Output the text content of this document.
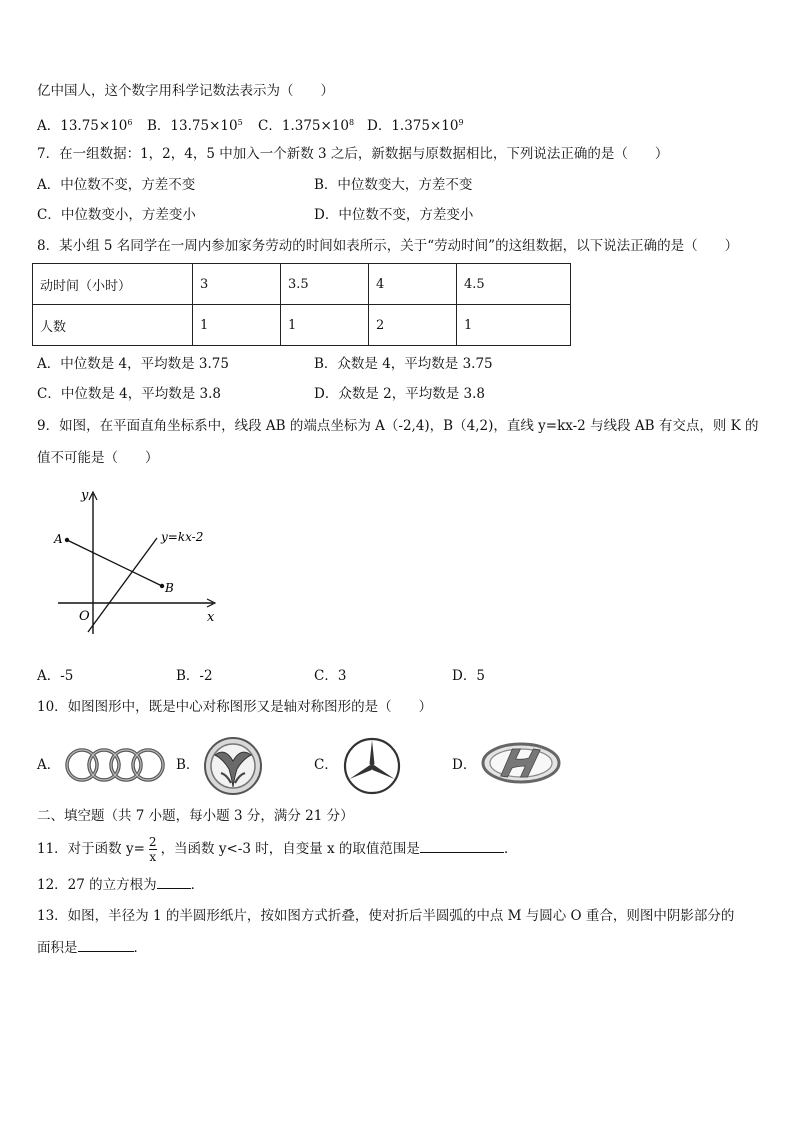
亿中国人，这个数字用科学记数法表示为（　　）
A．$13.75\times 10^6$ B．$13.75\times 10^5$ C．$1.375\times 10^8$ D．$1.375\times 10^9$
7．在一组数据：1，2，4，5 中加入一个新数 3 之后，新数据与原数据相比，下列说法正确的是（　　）
A．中位数不变，方差不变	B．中位数变大，方差不变
C．中位数变小，方差变小	D．中位数不变，方差变小
8．某小组 5 名同学在一周内参加家务劳动的时间如表所示，关于“劳动时间”的这组数据，以下说法正确的是（　　）
动时间（小时）	3	3.5	4	4.5
人数	1	1	2	1
A．中位数是 4，平均数是 3.75	B．众数是 4，平均数是 3.75
C．中位数是 4，平均数是 3.8	D．众数是 2，平均数是 3.8
9．如图，在平面直角坐标系中，线段 AB 的端点坐标为 A（-2,4)，B（4,2)，直线 y=kx-2 与线段 AB 有交点，则 K 的
值不可能是（　　）
y
x
O
A
B
y=kx-2
A．-5	B．-2	C．3	D．5
10．如图图形中，既是中心对称图形又是轴对称图形的是（　　）
A．	B．	C．	D．
二、填空题（共 7 小题，每小题 3 分，满分 21 分）
11．对于函数 $y= \frac{2}{x}$ ，当函数 y<-3 时，自变量 x 的取值范围是	．
12．27 的立方根为	．
13．如图，半径为 1 的半圆形纸片，按如图方式折叠，使对折后半圆弧的中点 M 与圆心 O 重合，则图中阴影部分的
面积是	．
